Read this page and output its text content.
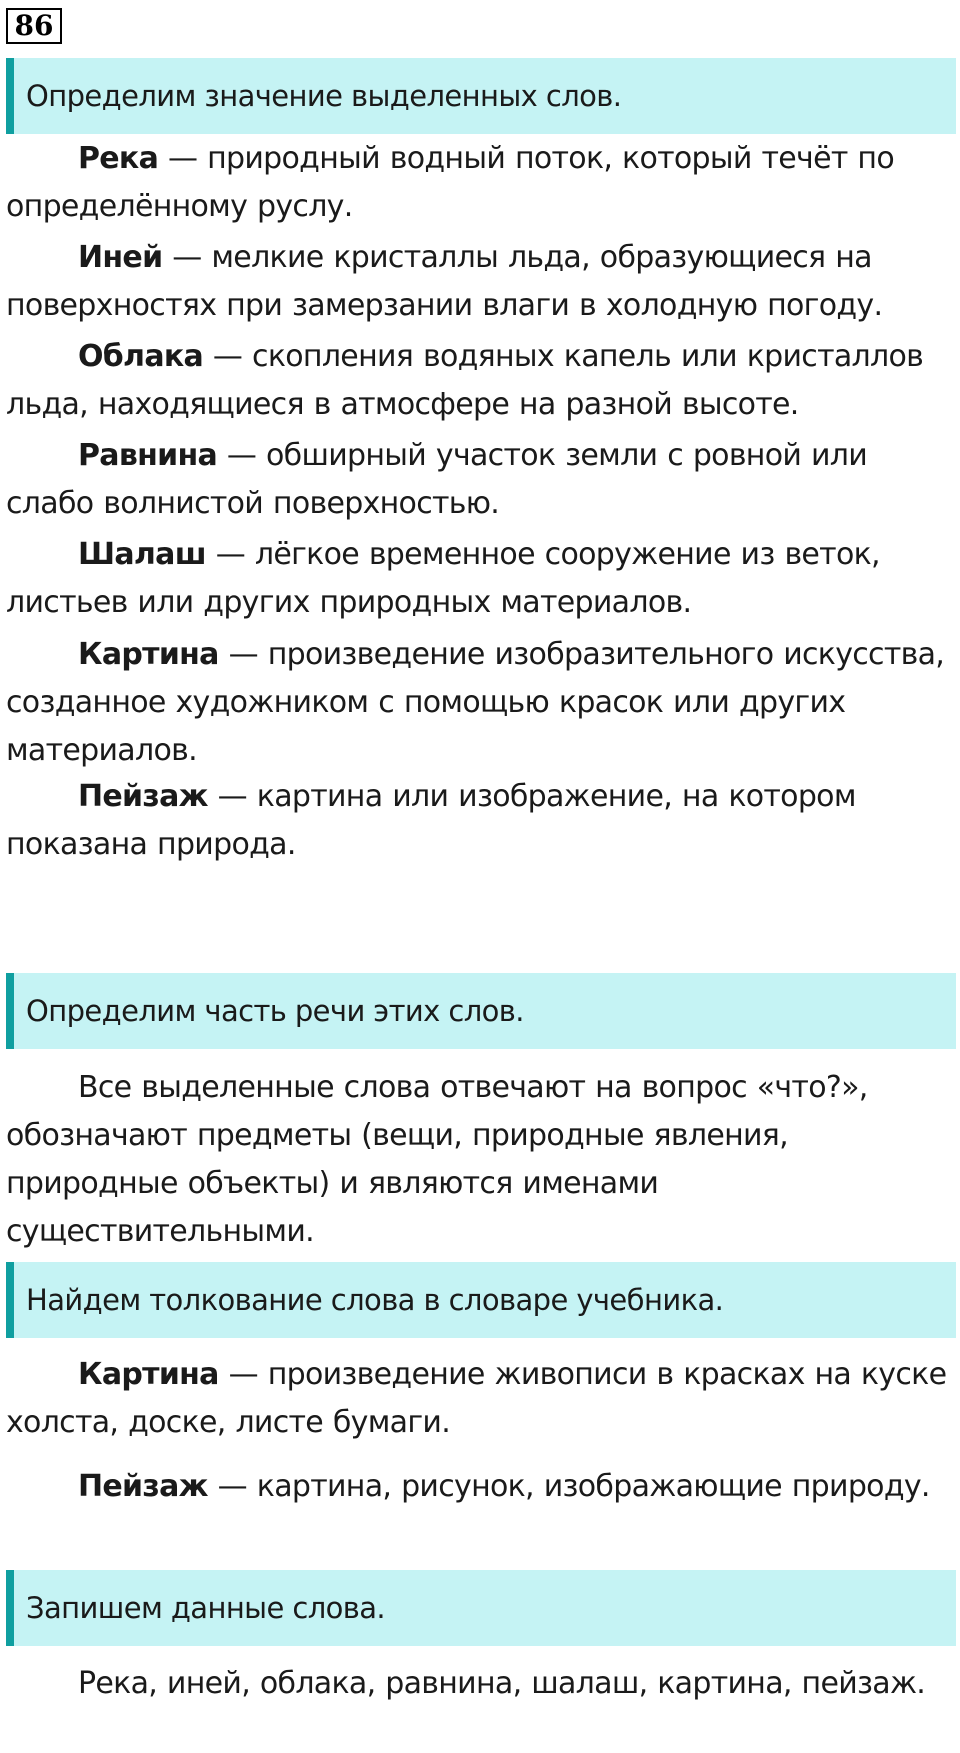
86
Определим значение выделенных слов.

Река — природный водный поток, который течёт по определённому руслу.

Иней — мелкие кристаллы льда, образующиеся на поверхностях при замерзании влаги в холодную погоду.

Облака — скопления водяных капель или кристаллов льда, находящиеся в атмосфере на разной высоте.

Равнина — обширный участок земли с ровной или слабо волнистой поверхностью.

Шалаш — лёгкое временное сооружение из веток, листьев или других природных материалов.

Картина — произведение изобразительного искусства, созданное художником с помощью красок или других материалов.

Пейзаж — картина или изображение, на котором показана природа.

Определим часть речи этих слов.

Все выделенные слова отвечают на вопрос «что?», обозначают предметы (вещи, природные явления, природные объекты) и являются именами существительными.

Найдем толкование слова в словаре учебника.

Картина — произведение живописи в красках на куске холста, доске, листе бумаги.

Пейзаж — картина, рисунок, изображающие природу.

Запишем данные слова.

Река, иней, облака, равнина, шалаш, картина, пейзаж.
